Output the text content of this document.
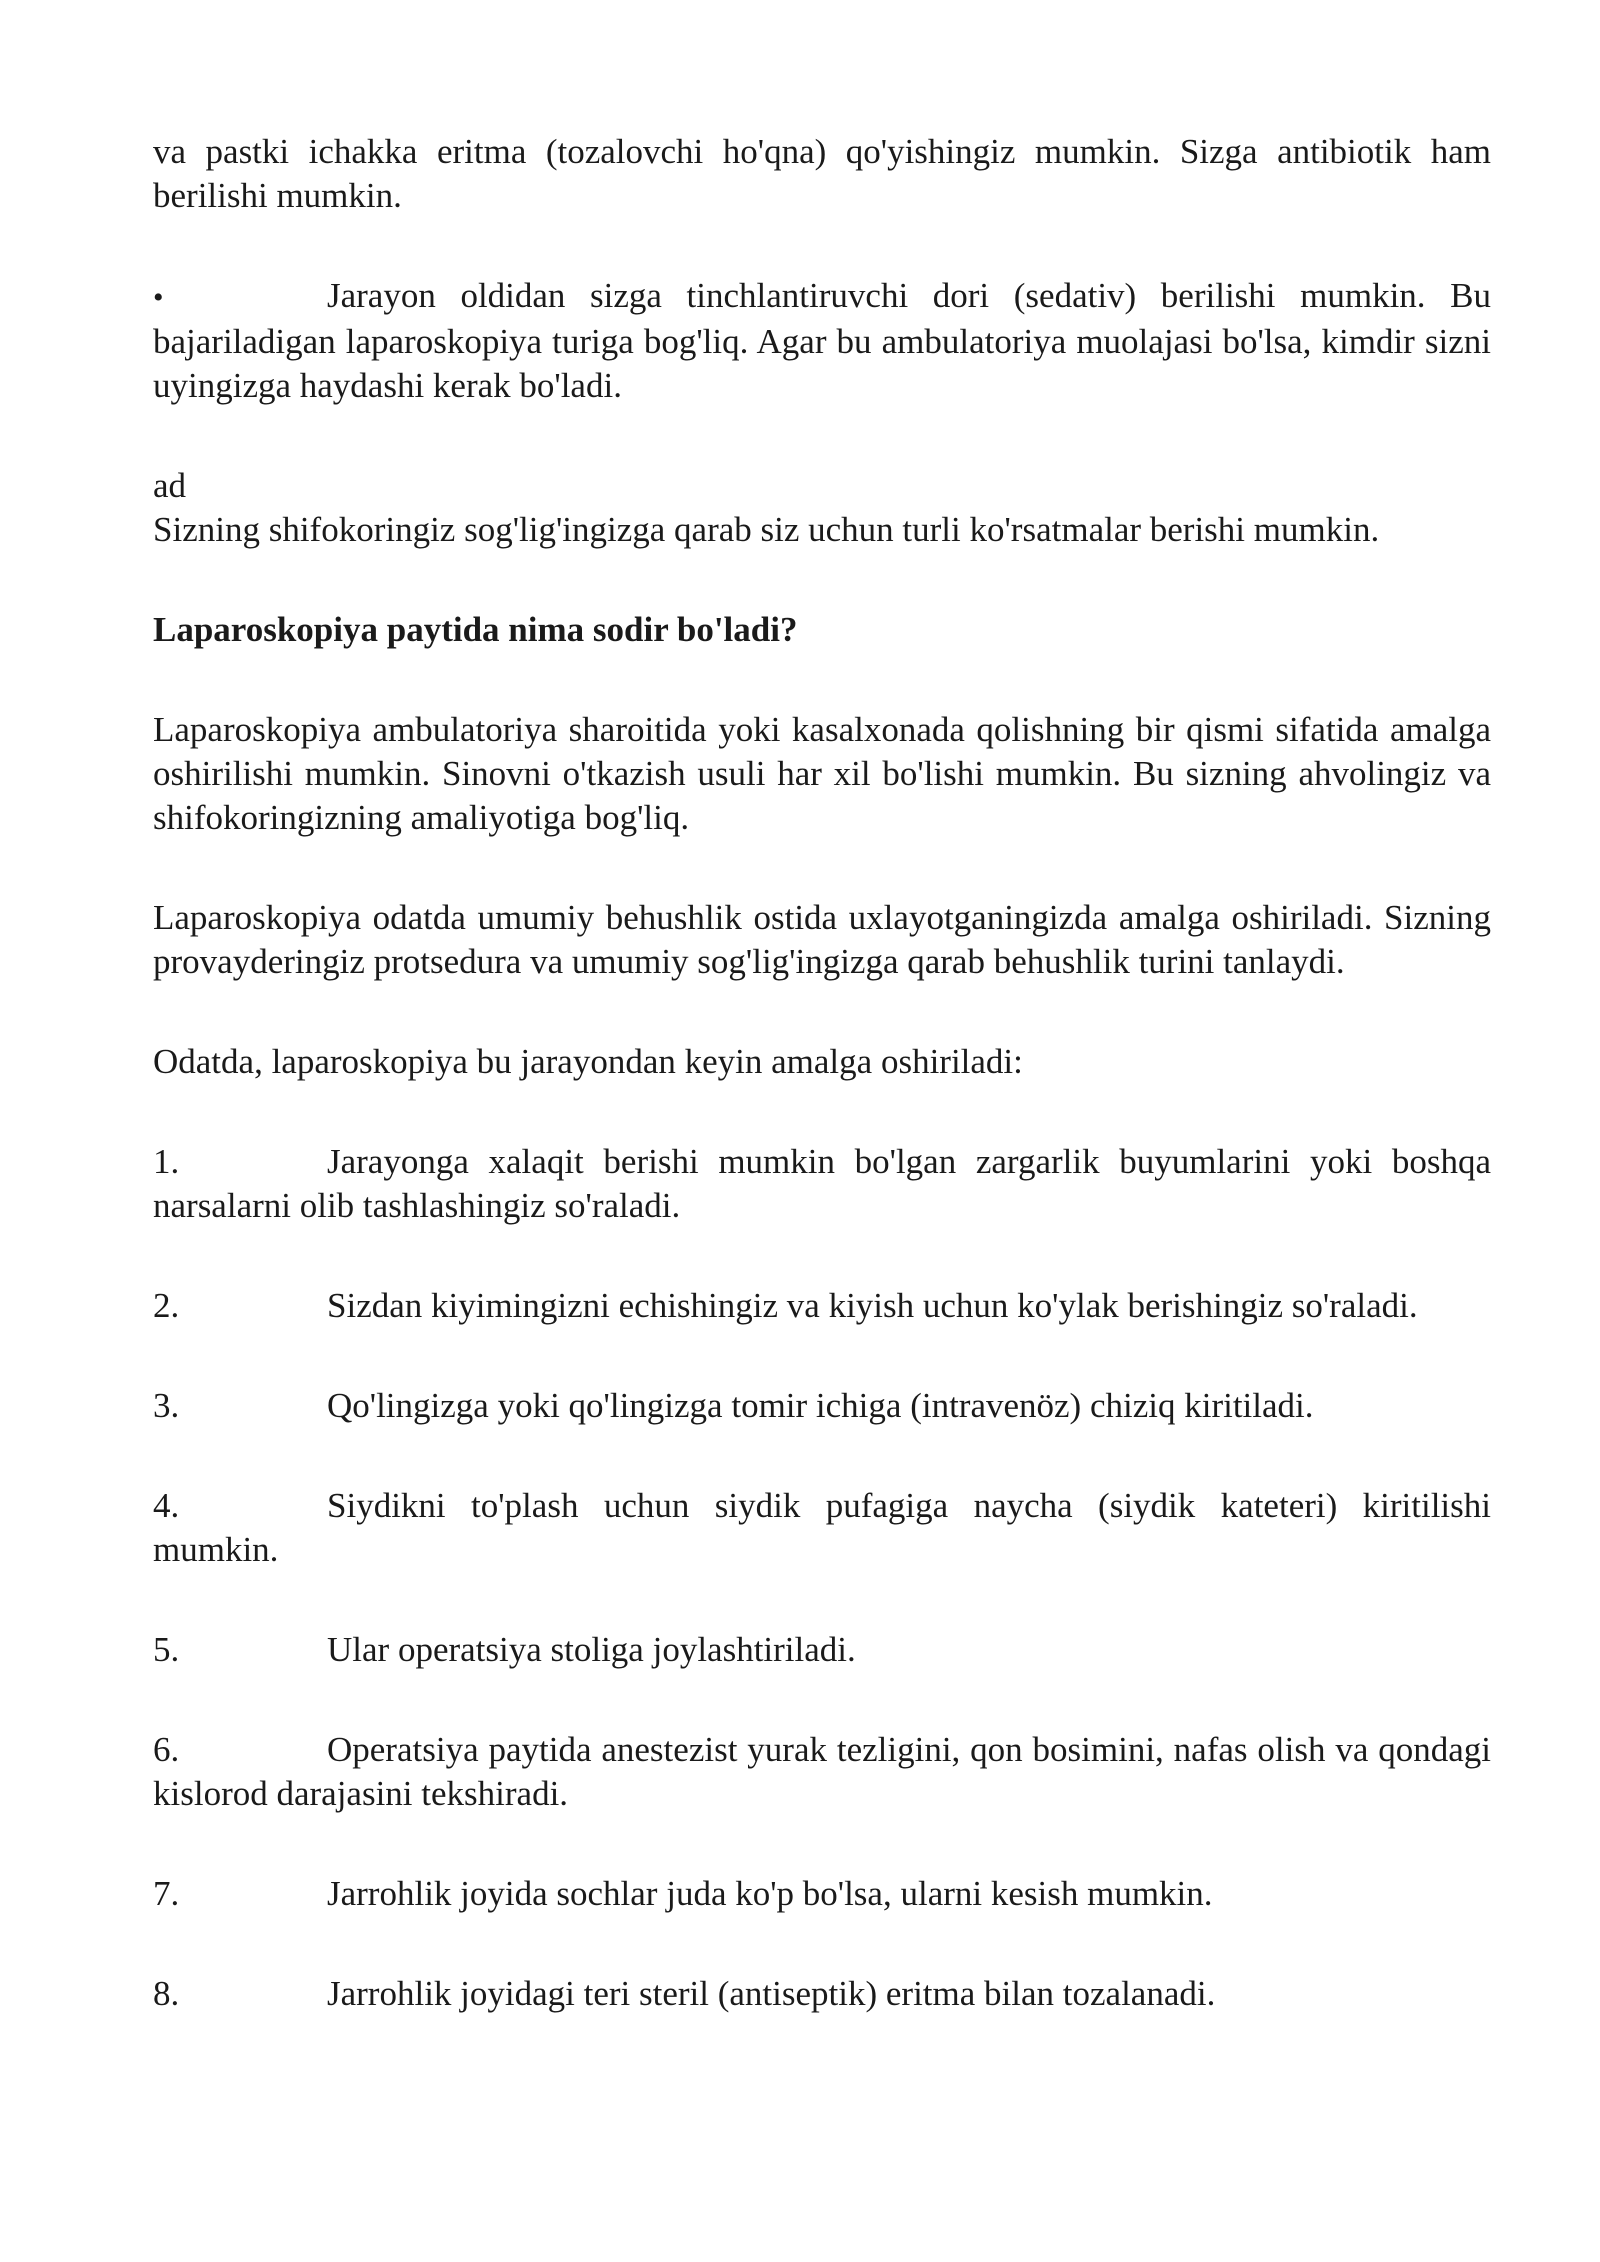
va pastki ichakka eritma (tozalovchi ho'qna) qo'yishingiz mumkin. Sizga antibiotik ham berilishi mumkin.

•	Jarayon oldidan sizga tinchlantiruvchi dori (sedativ) berilishi mumkin. Bu bajariladigan laparoskopiya turiga bog'liq. Agar bu ambulatoriya muolajasi bo'lsa, kimdir sizni uyingizga haydashi kerak bo'ladi.

ad

Sizning shifokoringiz sog'lig'ingizga qarab siz uchun turli ko'rsatmalar berishi mumkin.

Laparoskopiya paytida nima sodir bo'ladi?

Laparoskopiya ambulatoriya sharoitida yoki kasalxonada qolishning bir qismi sifatida amalga oshirilishi mumkin. Sinovni o'tkazish usuli har xil bo'lishi mumkin. Bu sizning ahvolingiz va shifokoringizning amaliyotiga bog'liq.

Laparoskopiya odatda umumiy behushlik ostida uxlayotganingizda amalga oshiriladi. Sizning provayderingiz protsedura va umumiy sog'lig'ingizga qarab behushlik turini tanlaydi.

Odatda, laparoskopiya bu jarayondan keyin amalga oshiriladi:

1.	Jarayonga xalaqit berishi mumkin bo'lgan zargarlik buyumlarini yoki boshqa narsalarni olib tashlashingiz so'raladi.

2.	Sizdan kiyimingizni echishingiz va kiyish uchun ko'ylak berishingiz so'raladi.

3.	Qo'lingizga yoki qo'lingizga tomir ichiga (intravenöz) chiziq kiritiladi.

4.	Siydikni to'plash uchun siydik pufagiga naycha (siydik kateteri) kiritilishi mumkin.

5.	Ular operatsiya stoliga joylashtiriladi.

6.	Operatsiya paytida anestezist yurak tezligini, qon bosimini, nafas olish va qondagi kislorod darajasini tekshiradi.

7.	Jarrohlik joyida sochlar juda ko'p bo'lsa, ularni kesish mumkin.

8.	Jarrohlik joyidagi teri steril (antiseptik) eritma bilan tozalanadi.
